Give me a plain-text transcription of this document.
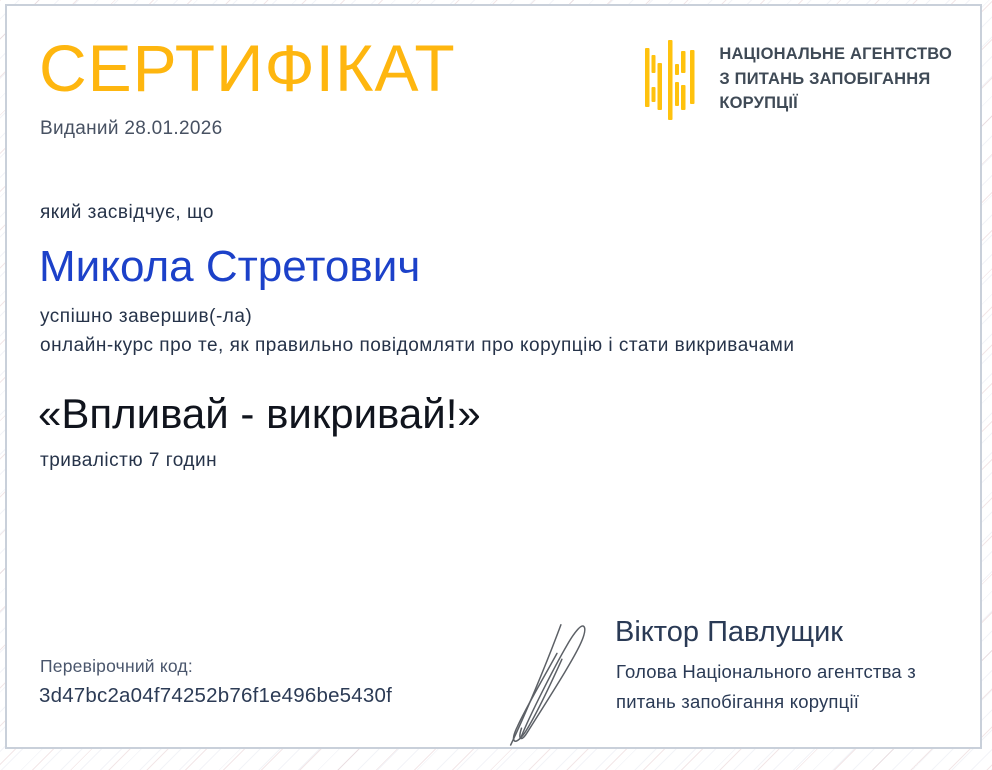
СЕРТИФІКАТ
Виданий 28.01.2026
НАЦІОНАЛЬНЕ АГЕНТСТВО
З ПИТАНЬ ЗАПОБІГАННЯ
КОРУПЦІЇ
який засвідчує, що
Микола Стретович
успішно завершив(-ла)
онлайн-курс про те, як правильно повідомляти про корупцію і стати викривачами
«Впливай - викривай!»
тривалістю 7 годин
Перевірочний код:
3d47bc2a04f74252b76f1e496be5430f
Віктор Павлущик
Голова Національного агентства з
питань запобігання корупції
